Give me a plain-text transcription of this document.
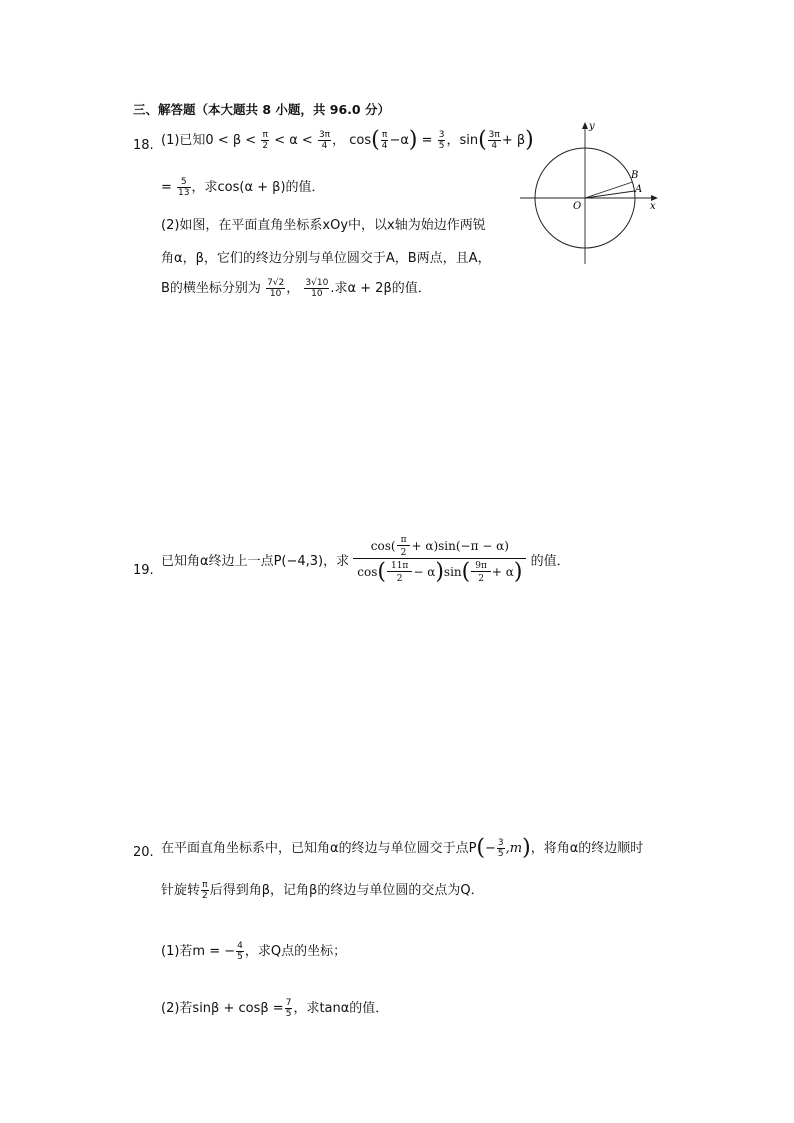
三、解答题（本大题共 8 小题，共 96.0 分）
18. (1)已知$0 < \beta < \frac{\pi}{2} < \alpha < \frac{3\pi}{4}$ ， $\cos( \frac{\pi}{4} -\alpha) = \frac{3}{5}$ ，$\sin( \frac{3\pi}{4} + \beta)$
= $\frac{5}{13}$ ，求cos(α + β)的值．
(2)如图，在平面直角坐标系xOy中，以x轴为始边作两锐
角α，β，它们的终边分别与单位圆交于A，B两点，且A，
B的横坐标分别为 $\frac{7√2}{10}$ ， $\frac{3√10}{10}$ .求α + 2β的值．
y
x
O
A
B
19.
已知角α终边上一点P(−4,3)，求 $\frac{\cos( \frac{\pi}{2} + \alpha)\sin(-\pi - \alpha)}{\cos( \frac{11\pi}{2} - \alpha)\sin( \frac{9\pi}{2} + \alpha)}$ 的值．
20. 在平面直角坐标系中，已知角α的终边与单位圆交于点$P(- \frac{3}{5} ,m)$，将角α的终边顺时
针旋转 $\frac{\pi}{2}$ 后得到角β，记角β的终边与单位圆的交点为Q．
(1)若m = − $\frac{4}{5}$ ，求Q点的坐标；
(2)若$\sin\beta + \cos\beta = \frac{7}{5}$ ，求tanα的值．
